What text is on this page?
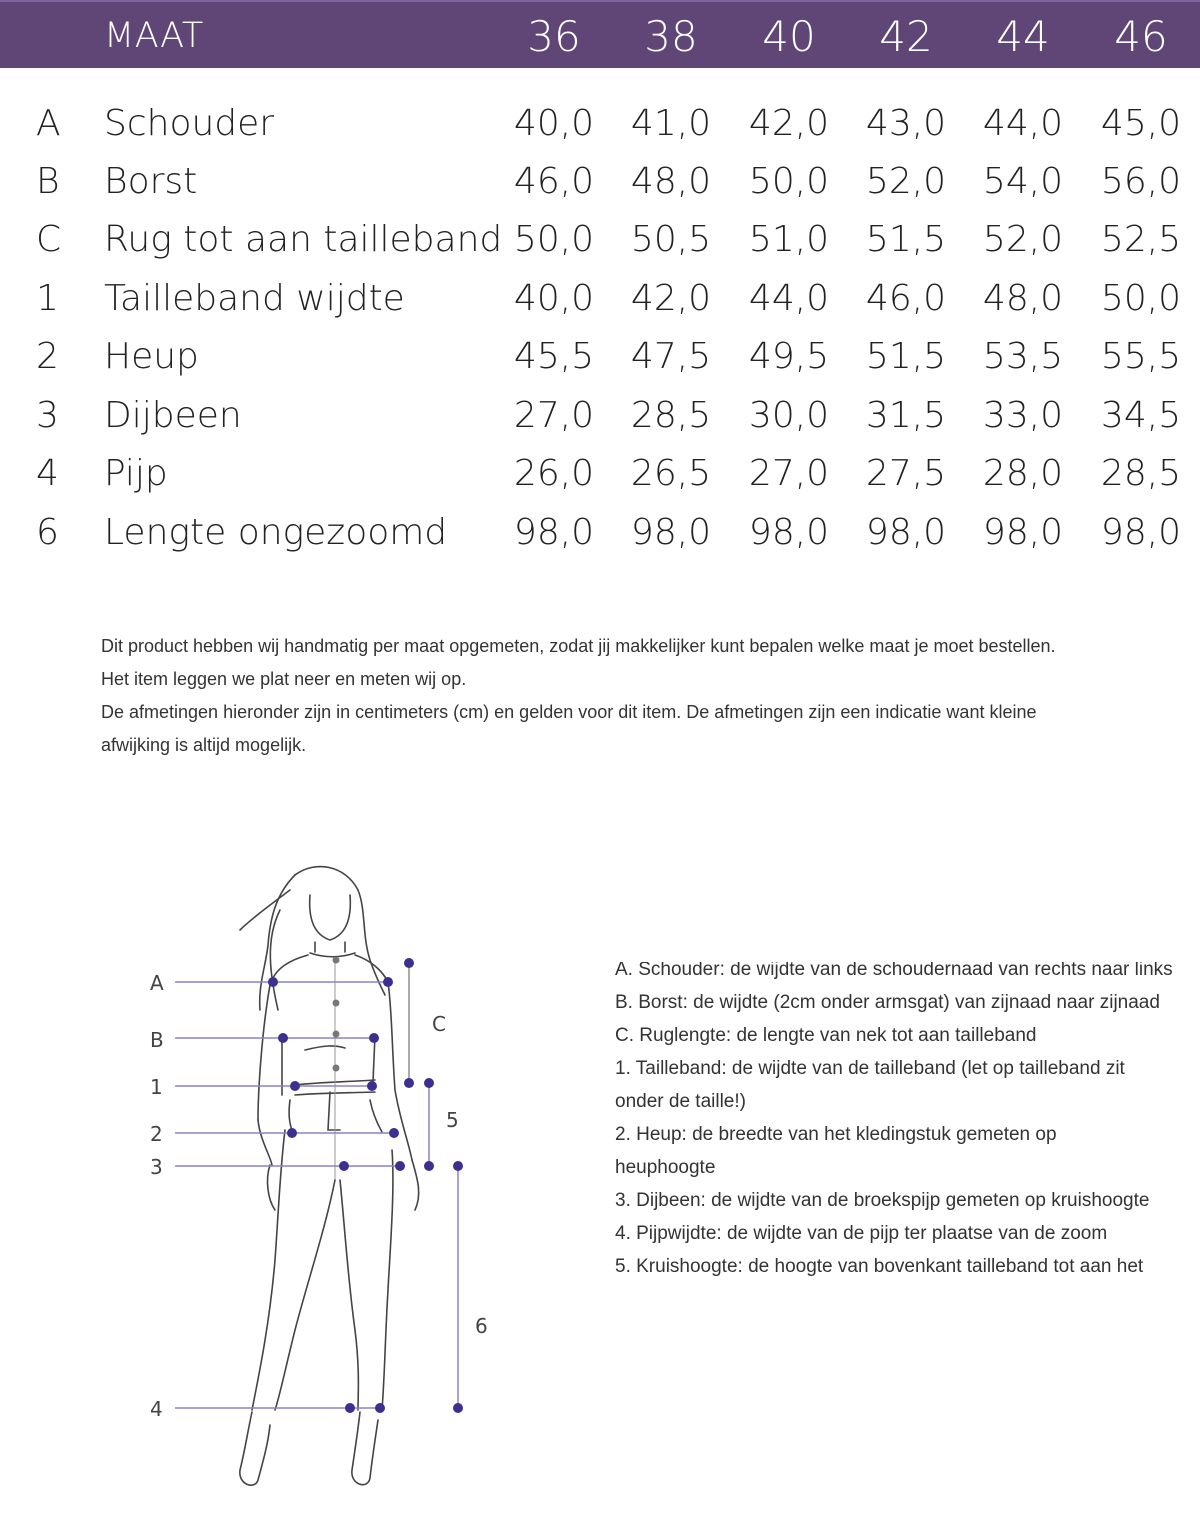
MAAT	36	38	40	42	44	46
A Schouder	40,0 41,0 42,0 43,0 44,0 45,0
B Borst	46,0 48,0 50,0 52,0 54,0 56,0
C Rug tot aan tailleband 50,0 50,5 51,0 51,5 52,0 52,5
1 Tailleband wijdte	40,0 42,0 44,0 46,0 48,0 50,0
2 Heup	45,5 47,5 49,5 51,5 53,5 55,5
3 Dijbeen	27,0 28,5 30,0 31,5 33,0 34,5
4 Pijp	26,0 26,5 27,0 27,5 28,0 28,5
6 Lengte ongezoomd 98,0 98,0 98,0 98,0 98,0 98,0

Dit product hebben wij handmatig per maat opgemeten, zodat jij makkelijker kunt bepalen welke maat je moet bestellen.

Het item leggen we plat neer en meten wij op.

De afmetingen hieronder zijn in centimeters (cm) en gelden voor dit item. De afmetingen zijn een indicatie want kleine afwijking is altijd mogelijk.

A
B
1
2
3
4
C
5
6

A. Schouder: de wijdte van de schoudernaad van rechts naar links

B. Borst: de wijdte (2cm onder armsgat) van zijnaad naar zijnaad

C. Ruglengte: de lengte van nek tot aan tailleband

1. Tailleband: de wijdte van de tailleband (let op tailleband zit onder de taille!)

2. Heup: de breedte van het kledingstuk gemeten op heuphoogte

3. Dijbeen: de wijdte van de broekspijp gemeten op kruishoogte

4. Pijpwijdte: de wijdte van de pijp ter plaatse van de zoom

5. Kruishoogte: de hoogte van bovenkant tailleband tot aan het
